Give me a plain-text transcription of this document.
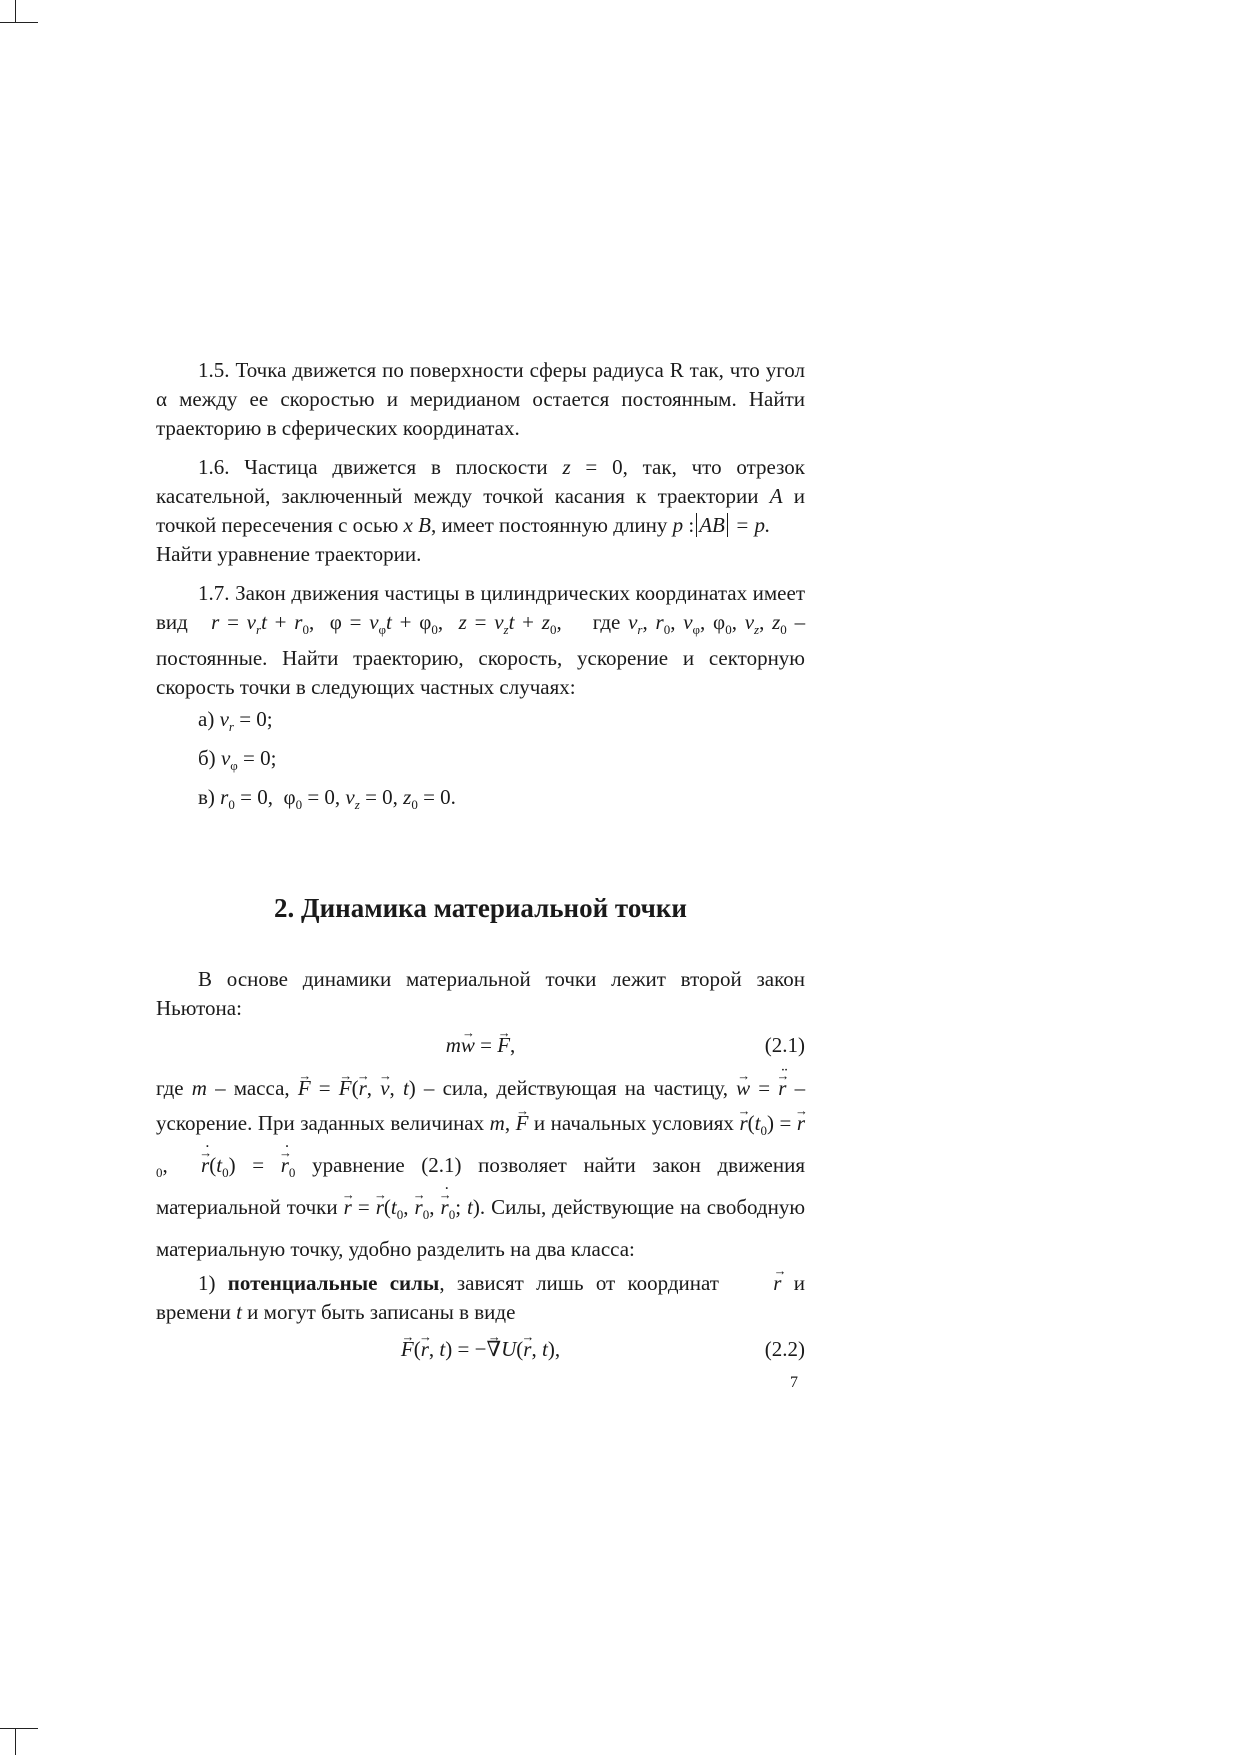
1.5. Точка движется по поверхности сферы радиуса R так, что угол α между ее скоростью и меридианом остается постоянным. Найти траекторию в сферических координатах.

1.6. Частица движется в плоскости z = 0, так, что отрезок касательной, заключенный между точкой касания к траектории A и точкой пересечения с осью x B, имеет постоянную длину p : AB = p.
Найти уравнение траектории.

1.7. Закон движения частицы в цилиндрических координатах имеет вид $r = v_rt + r_0$,  $\varphi = v_\varphi t + \varphi_0$,  $z = v_zt + z_0$,    где $v_r$, $r_0$, $v_\varphi$, $\varphi_0$, $v_z$, $z_0$ – постоянные. Найти траекторию, скорость, ускорение и секторную скорость точки в следующих частных случаях:

а) $v_r = 0$;
б) $v_\varphi = 0$;
в) $r_0 = 0$,  $\varphi_0 = 0$, $v_z = 0$, $z_0 = 0$.
2. Динамика материальной точки

В основе динамики материальной точки лежит второй закон Ньютона:

m→ w = → F,	(2.1)

где m – масса, → F = → F(→ r, → v, t) – сила, действующая на частицу, → w = → r ¨ – ускорение. При заданных величинах m, → F и начальных условиях → $r(t_0)$ = → $r_0$,  → r $˙(t_0)$ = → r $˙_0$ уравнение (2.1) позволяет найти закон движения материальной точки → r = → $r(t_0$, → $r_0$, → r $˙_0$; t). Силы, действующие на свободную материальную точку, удобно разделить на два класса:

1) потенциальные силы, зависят лишь от координат	→ r и времени t и могут быть записаны в виде

→ F(→ r, t) = −→ ∇U(→ r, t),	(2.2)
7
